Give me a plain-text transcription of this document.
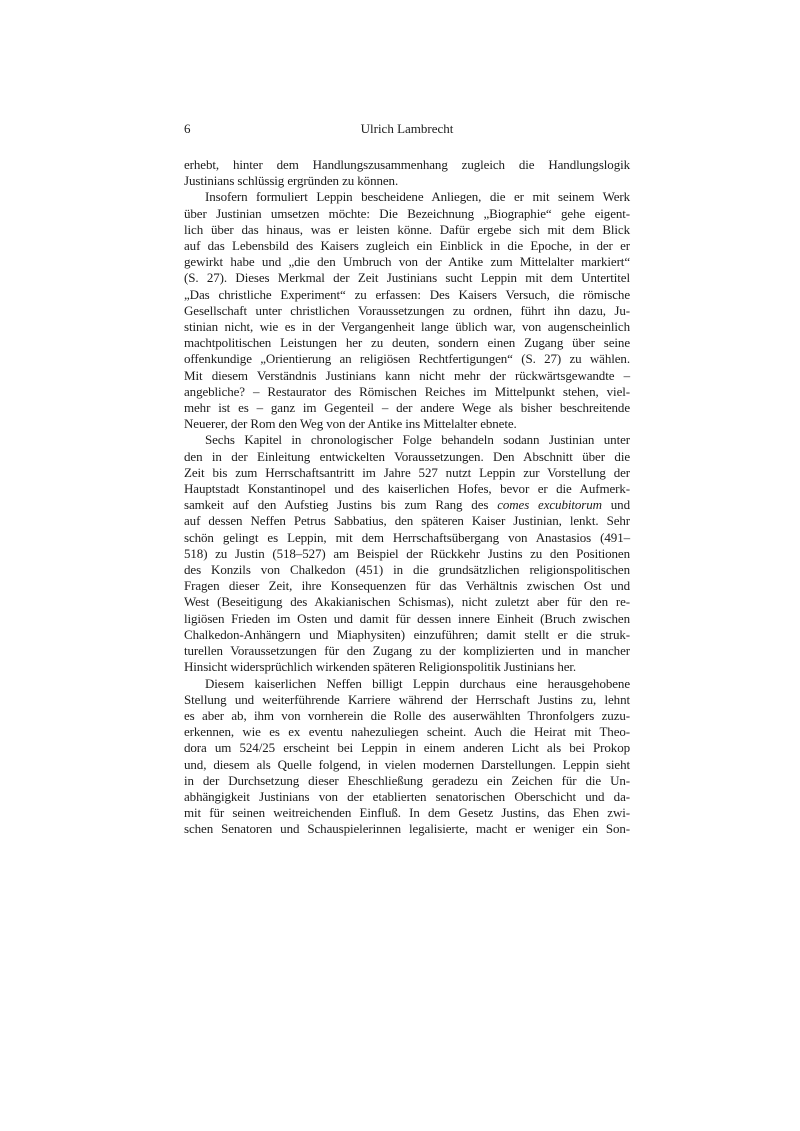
6	Ulrich Lambrecht
erhebt, hinter dem Handlungszusammenhang zugleich die Handlungslogik
Justinians schlüssig ergründen zu können.
Insofern formuliert Leppin bescheidene Anliegen, die er mit seinem Werk
über Justinian umsetzen möchte: Die Bezeichnung „Biographie“ gehe eigent-
lich über das hinaus, was er leisten könne. Dafür ergebe sich mit dem Blick
auf das Lebensbild des Kaisers zugleich ein Einblick in die Epoche, in der er
gewirkt habe und „die den Umbruch von der Antike zum Mittelalter markiert“
(S. 27). Dieses Merkmal der Zeit Justinians sucht Leppin mit dem Untertitel
„Das christliche Experiment“ zu erfassen: Des Kaisers Versuch, die römische
Gesellschaft unter christlichen Voraussetzungen zu ordnen, führt ihn dazu, Ju-
stinian nicht, wie es in der Vergangenheit lange üblich war, von augenscheinlich
machtpolitischen Leistungen her zu deuten, sondern einen Zugang über seine
offenkundige „Orientierung an religiösen Rechtfertigungen“ (S. 27) zu wählen.
Mit diesem Verständnis Justinians kann nicht mehr der rückwärtsgewandte –
angebliche? – Restaurator des Römischen Reiches im Mittelpunkt stehen, viel-
mehr ist es – ganz im Gegenteil – der andere Wege als bisher beschreitende
Neuerer, der Rom den Weg von der Antike ins Mittelalter ebnete.
Sechs Kapitel in chronologischer Folge behandeln sodann Justinian unter
den in der Einleitung entwickelten Voraussetzungen. Den Abschnitt über die
Zeit bis zum Herrschaftsantritt im Jahre 527 nutzt Leppin zur Vorstellung der
Hauptstadt Konstantinopel und des kaiserlichen Hofes, bevor er die Aufmerk-
samkeit auf den Aufstieg Justins bis zum Rang des comes excubitorum und
auf dessen Neffen Petrus Sabbatius, den späteren Kaiser Justinian, lenkt. Sehr
schön gelingt es Leppin, mit dem Herrschaftsübergang von Anastasios (491–
518) zu Justin (518–527) am Beispiel der Rückkehr Justins zu den Positionen
des Konzils von Chalkedon (451) in die grundsätzlichen religionspolitischen
Fragen dieser Zeit, ihre Konsequenzen für das Verhältnis zwischen Ost und
West (Beseitigung des Akakianischen Schismas), nicht zuletzt aber für den re-
ligiösen Frieden im Osten und damit für dessen innere Einheit (Bruch zwischen
Chalkedon-Anhängern und Miaphysiten) einzuführen; damit stellt er die struk-
turellen Voraussetzungen für den Zugang zu der komplizierten und in mancher
Hinsicht widersprüchlich wirkenden späteren Religionspolitik Justinians her.
Diesem kaiserlichen Neffen billigt Leppin durchaus eine herausgehobene
Stellung und weiterführende Karriere während der Herrschaft Justins zu, lehnt
es aber ab, ihm von vornherein die Rolle des auserwählten Thronfolgers zuzu-
erkennen, wie es ex eventu nahezuliegen scheint. Auch die Heirat mit Theo-
dora um 524/25 erscheint bei Leppin in einem anderen Licht als bei Prokop
und, diesem als Quelle folgend, in vielen modernen Darstellungen. Leppin sieht
in der Durchsetzung dieser Eheschließung geradezu ein Zeichen für die Un-
abhängigkeit Justinians von der etablierten senatorischen Oberschicht und da-
mit für seinen weitreichenden Einfluß. In dem Gesetz Justins, das Ehen zwi-
schen Senatoren und Schauspielerinnen legalisierte, macht er weniger ein Son-
